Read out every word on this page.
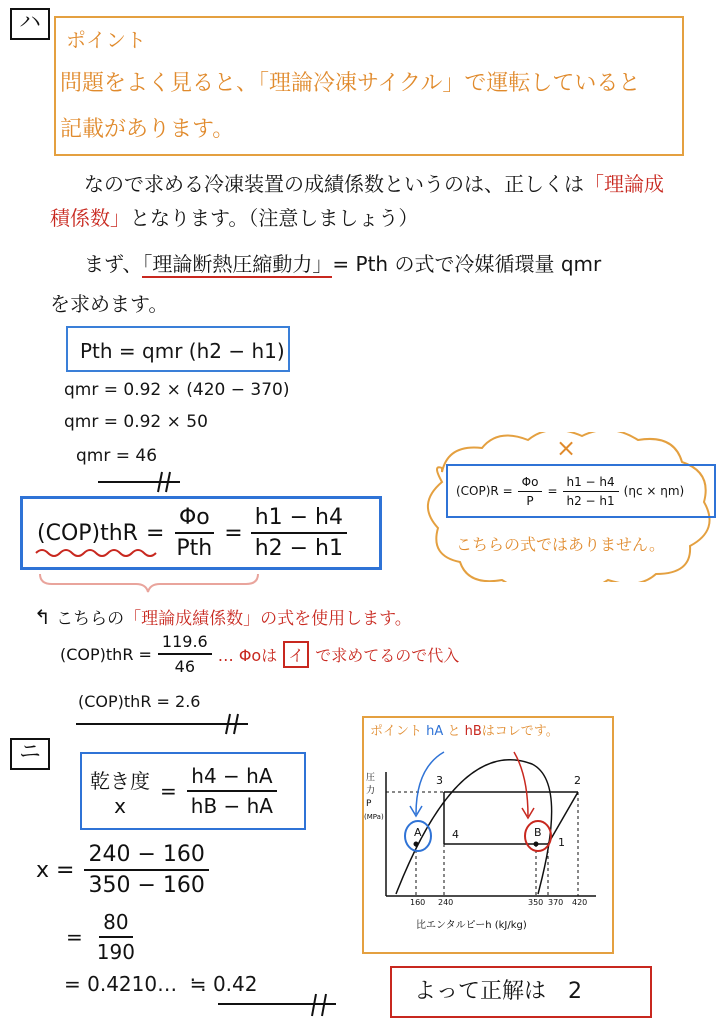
ハ
ニ
ポイント
問題をよく見ると、「理論冷凍サイクル」で運転していると
記載があります。
なので求める冷凍装置の成績係数というのは、正しくは「理論成
積係数」となります。（注意しましょう）
まず、「理論断熱圧縮動力」= Pth の式で冷媒循環量 qmr
を求めます。
Pth = qmr (h2 − h1)
qmr = 0.92 × (420 − 370)
qmr = 0.92 × 50
qmr = 46
$(COP)thR = \frac{\Phi o}{\text{Pth}} = \frac{h1 - h4}{h2 - h1}$
×
$(COP)R = \frac{\Phi o}{P} = \frac{h1 - h4}{h2 - h1} (\eta c \times \eta m)$
こちらの式ではありません。
↰ こちらの「理論成績係数」の式を使用します。
$(COP)thR = \frac{119.6}{46}$ … Φoは イ で求めてるので代入
(COP)thR = 2.6
乾き度
x
= $\frac{h4 - hA}{hB - hA}$
$x = \frac{240 - 160}{350 - 160}$
= $\frac{80}{190}$
= 0.4210…  ≒ 0.42	よって正解は　2
ポイント hA と hBはコレです。
圧
力
P
(MPa)
3	2
4
1
A	B
160 240	350 370 420
比エンタルピーh (kJ/kg)
